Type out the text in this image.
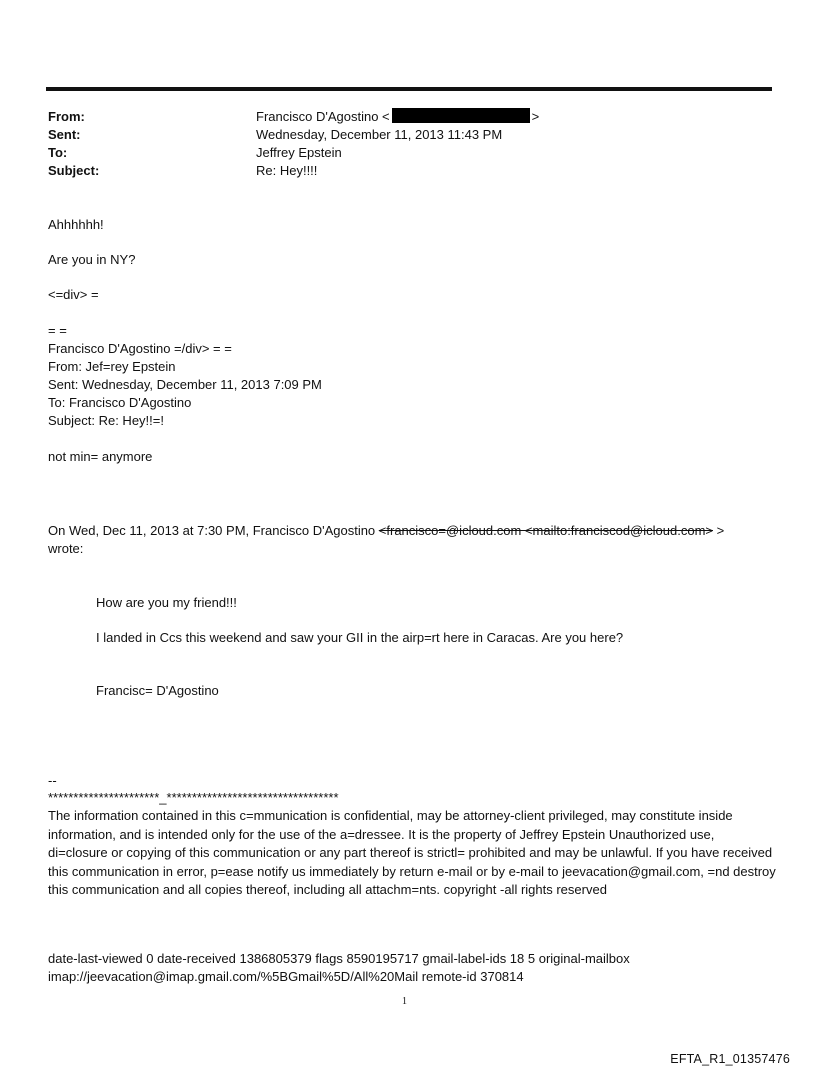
From:	Francisco D'Agostino <	>
Sent:	Wednesday, December 11, 2013 11:43 PM
To:	Jeffrey Epstein
Subject:	Re: Hey!!!!
Ahhhhhh!
Are you in NY?
<=div> =
= =
Francisco D'Agostino =/div> = =
From: Jef=rey Epstein
Sent: Wednesday, December 11, 2013 7:09 PM
To: Francisco D'Agostino
Subject: Re: Hey!!=!
not min= anymore
On Wed, Dec 11, 2013 at 7:30 PM, Francisco D'Agostino <francisco=@icloud.com <mailto:franciscod@icloud.com> >
wrote:
How are you my friend!!!
I landed in Ccs this weekend and saw your GII in the airp=rt here in Caracas. Are you here?
Francisc= D'Agostino
--
**********************_**********************************
The information contained in this c=mmunication is confidential, may be attorney-client privileged, may constitute inside information, and is intended only for the use of the a=dressee. It is the property of Jeffrey Epstein Unauthorized use, di=closure or copying of this communication or any part thereof is strictl= prohibited and may be unlawful. If you have received this communication in error, p=ease notify us immediately by return e-mail or by e-mail to jeevacation@gmail.com, =nd destroy this communication and all copies thereof, including all attachm=nts. copyright -all rights reserved
date-last-viewed 0 date-received 1386805379 flags 8590195717 gmail-label-ids 18 5 original-mailbox
imap://jeevacation@imap.gmail.com/%5BGmail%5D/All%20Mail remote-id 370814
1
EFTA_R1_01357476
